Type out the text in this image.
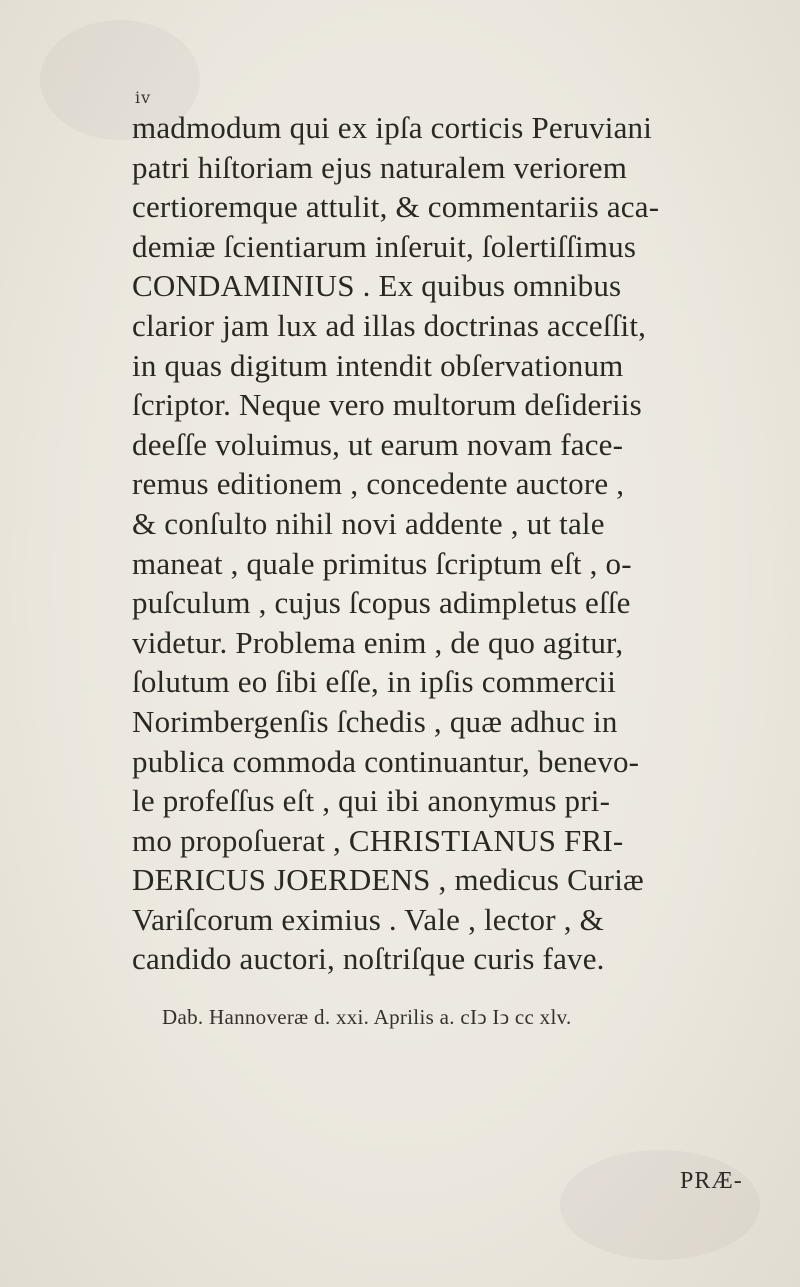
iv
madmodum qui ex ipſa corticis Peruviani
patri hiſtoriam ejus naturalem veriorem
certioremque attulit, & commentariis aca-
demiæ ſcientiarum inſeruit, ſolertiſſimus
CONDAMINIUS . Ex quibus omnibus
clarior jam lux ad illas doctrinas acceſſit,
in quas digitum intendit obſervationum
ſcriptor. Neque vero multorum deſideriis
deeſſe voluimus, ut earum novam face-
remus editionem , concedente auctore ,
& conſulto nihil novi addente , ut tale
maneat , quale primitus ſcriptum eſt , o-
puſculum , cujus ſcopus adimpletus eſſe
videtur. Problema enim , de quo agitur,
ſolutum eo ſibi eſſe, in ipſis commercii
Norimbergenſis ſchedis , quæ adhuc in
publica commoda continuantur, benevo-
le profeſſus eſt , qui ibi anonymus pri-
mo propoſuerat , CHRISTIANUS FRI-
DERICUS JOERDENS , medicus Curiæ
Variſcorum eximius . Vale , lector , &
candido auctori, noſtriſque curis fave.
Dab. Hannoveræ d. xxi. Aprilis a. cIↄ Iↄ cc xlv.
PRÆ-
